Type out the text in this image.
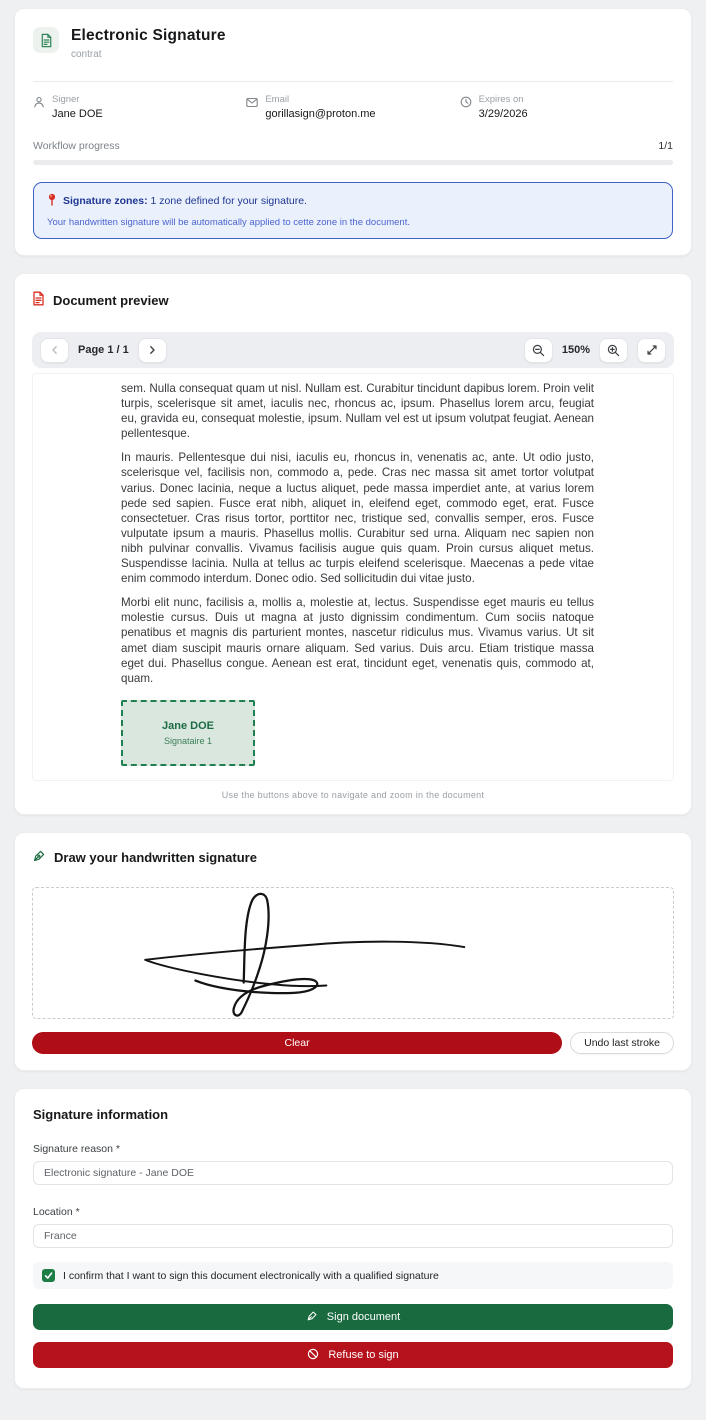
Electronic Signature
contrat
Signer
Jane DOE
Email
gorillasign@proton.me
Expires on
3/29/2026
Workflow progress	1/1
Signature zones: 1 zone defined for your signature.
Your handwritten signature will be automatically applied to cette zone in the document.
Document preview
Page 1 / 1	150%

sem. Nulla consequat quam ut nisl. Nullam est. Curabitur tincidunt dapibus lorem. Proin velit turpis, scelerisque sit amet, iaculis nec, rhoncus ac, ipsum. Phasellus lorem arcu, feugiat eu, gravida eu, consequat molestie, ipsum. Nullam vel est ut ipsum volutpat feugiat. Aenean pellentesque.

In mauris. Pellentesque dui nisi, iaculis eu, rhoncus in, venenatis ac, ante. Ut odio justo, scelerisque vel, facilisis non, commodo a, pede. Cras nec massa sit amet tortor volutpat varius. Donec lacinia, neque a luctus aliquet, pede massa imperdiet ante, at varius lorem pede sed sapien. Fusce erat nibh, aliquet in, eleifend eget, commodo eget, erat. Fusce consectetuer. Cras risus tortor, porttitor nec, tristique sed, convallis semper, eros. Fusce vulputate ipsum a mauris. Phasellus mollis. Curabitur sed urna. Aliquam nec sapien non nibh pulvinar convallis. Vivamus facilisis augue quis quam. Proin cursus aliquet metus. Suspendisse lacinia. Nulla at tellus ac turpis eleifend scelerisque. Maecenas a pede vitae enim commodo interdum. Donec odio. Sed sollicitudin dui vitae justo.

Morbi elit nunc, facilisis a, mollis a, molestie at, lectus. Suspendisse eget mauris eu tellus molestie cursus. Duis ut magna at justo dignissim condimentum. Cum sociis natoque penatibus et magnis dis parturient montes, nascetur ridiculus mus. Vivamus varius. Ut sit amet diam suscipit mauris ornare aliquam. Sed varius. Duis arcu. Etiam tristique massa eget dui. Phasellus congue. Aenean est erat, tincidunt eget, venenatis quis, commodo at, quam.

Jane DOE
Signataire 1
Use the buttons above to navigate and zoom in the document
Draw your handwritten signature
Clear	Undo last stroke
Signature information
Signature reason *
Electronic signature - Jane DOE
Location *
France
I confirm that I want to sign this document electronically with a qualified signature
Sign document
Refuse to sign
